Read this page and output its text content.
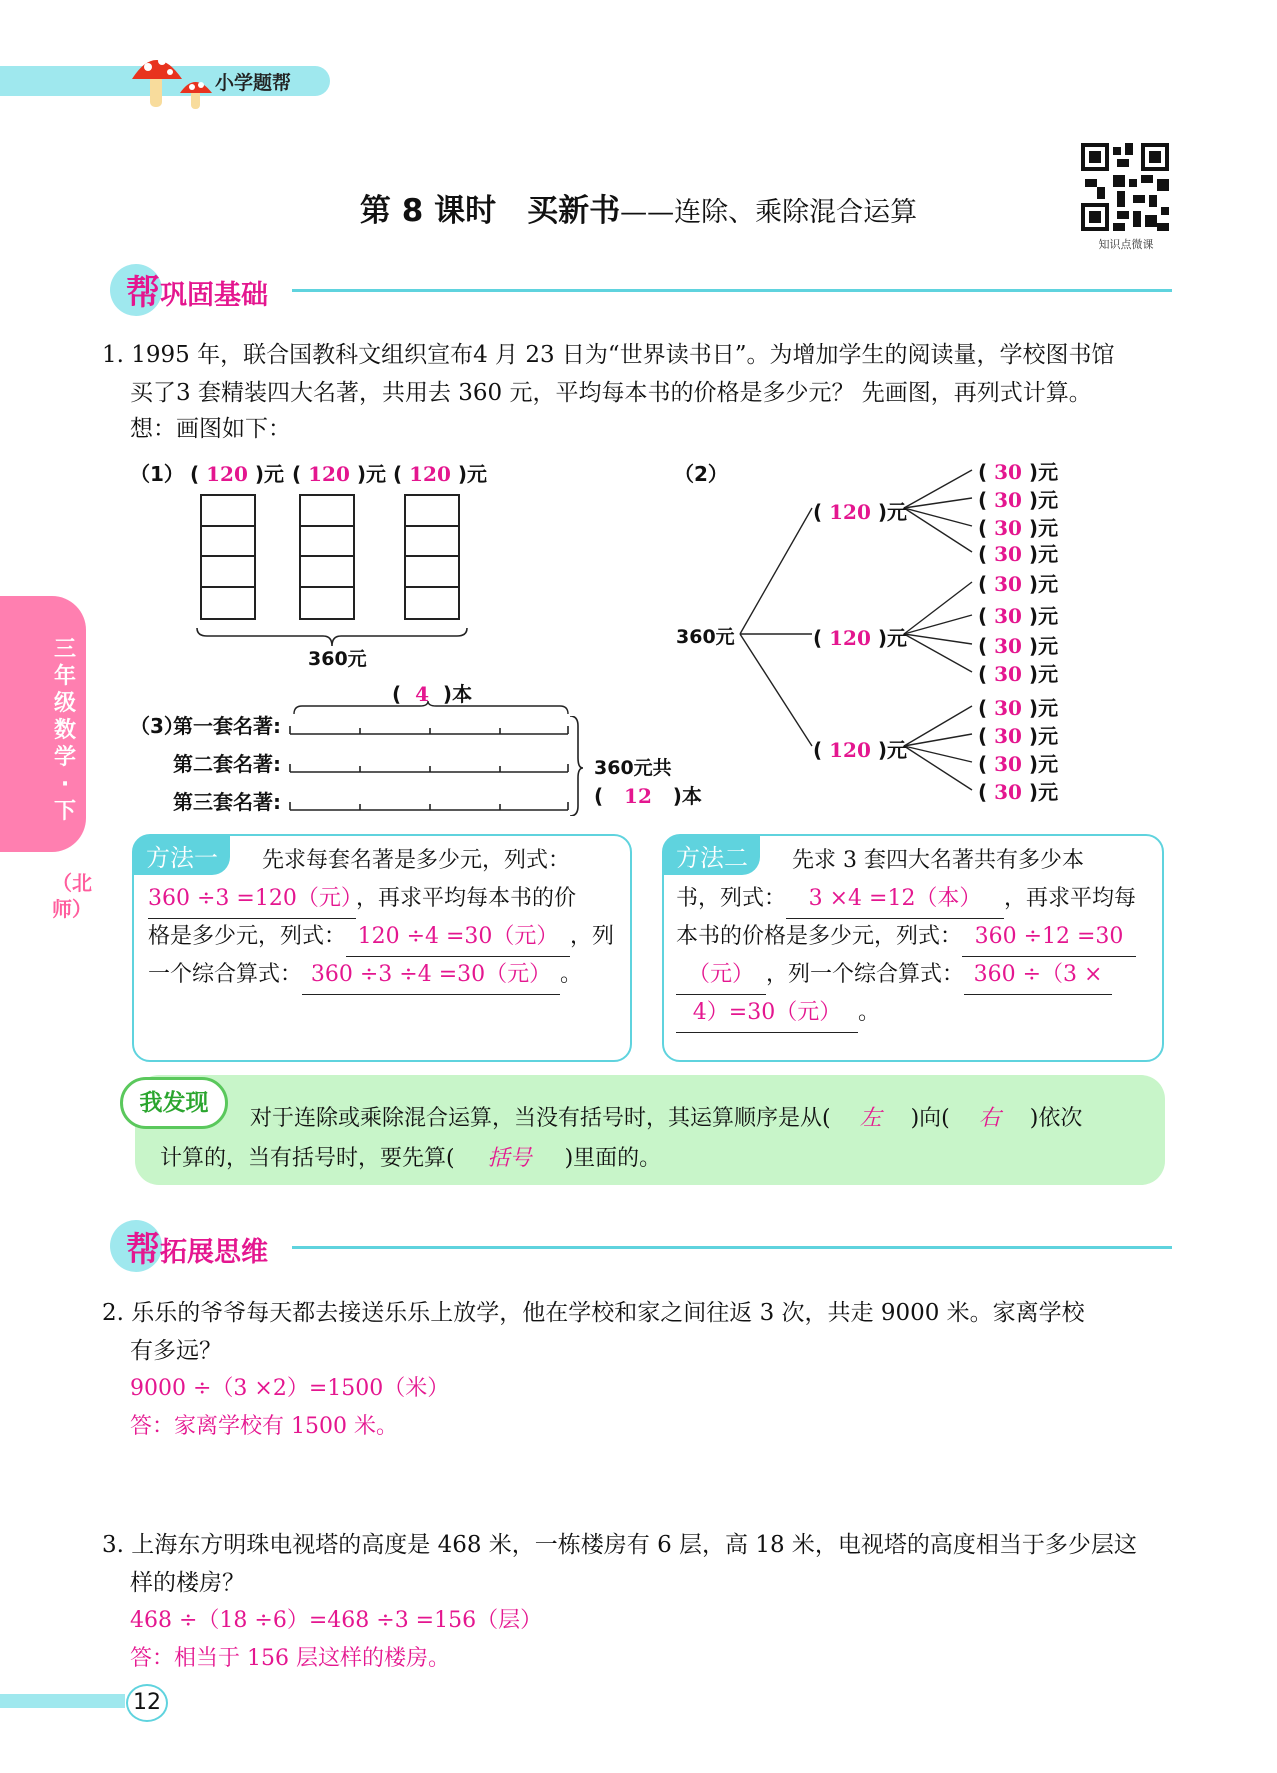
小学题帮
第 8 课时　买新书——连除、乘除混合运算
知识点微课
三年级数学·下
（北师）
帮巩固基础
1. 1995 年，联合国教科文组织宣布4 月 23 日为“世界读书日”。为增加学生的阅读量，学校图书馆
买了3 套精装四大名著，共用去 360 元，平均每本书的价格是多少元？ 先画图，再列式计算。
想：画图如下：
（1） ( 120 )元 ( 120 )元 ( 120 )元
360元
(  4  )本
（3）
第一套名著:
第二套名著:
第三套名著:
360元共
(   12   )本
（2）
360元
( 120 )元
( 120 )元
( 120 )元
( 30 )元
( 30 )元
( 30 )元
( 30 )元
( 30 )元
( 30 )元
( 30 )元
( 30 )元
( 30 )元
( 30 )元
( 30 )元
( 30 )元
方法一	先求每套名著是多少元，列式：
360 ÷3 =120（元），再求平均每本书的价
格是多少元，列式： 120 ÷4 =30（元） ，列
一个综合算式： 360 ÷3 ÷4 =30（元） 。
方法二	先求 3 套四大名著共有多少本
书，列式： 3 ×4 =12（本） ，再求平均每
本书的价格是多少元，列式： 360 ÷12 =30
（元） ，列一个综合算式： 360 ÷（3 ×
4）=30（元） 。
我发现
对于连除或乘除混合运算，当没有括号时，其运算顺序是从( 左 )向( 右 )依次
计算的，当有括号时，要先算( 括号 )里面的。
帮拓展思维
2. 乐乐的爷爷每天都去接送乐乐上放学，他在学校和家之间往返 3 次，共走 9000 米。家离学校
有多远？
9000 ÷（3 ×2）=1500（米）
答：家离学校有 1500 米。
3. 上海东方明珠电视塔的高度是 468 米，一栋楼房有 6 层，高 18 米，电视塔的高度相当于多少层这
样的楼房？
468 ÷（18 ÷6）=468 ÷3 =156（层）
答：相当于 156 层这样的楼房。
12
